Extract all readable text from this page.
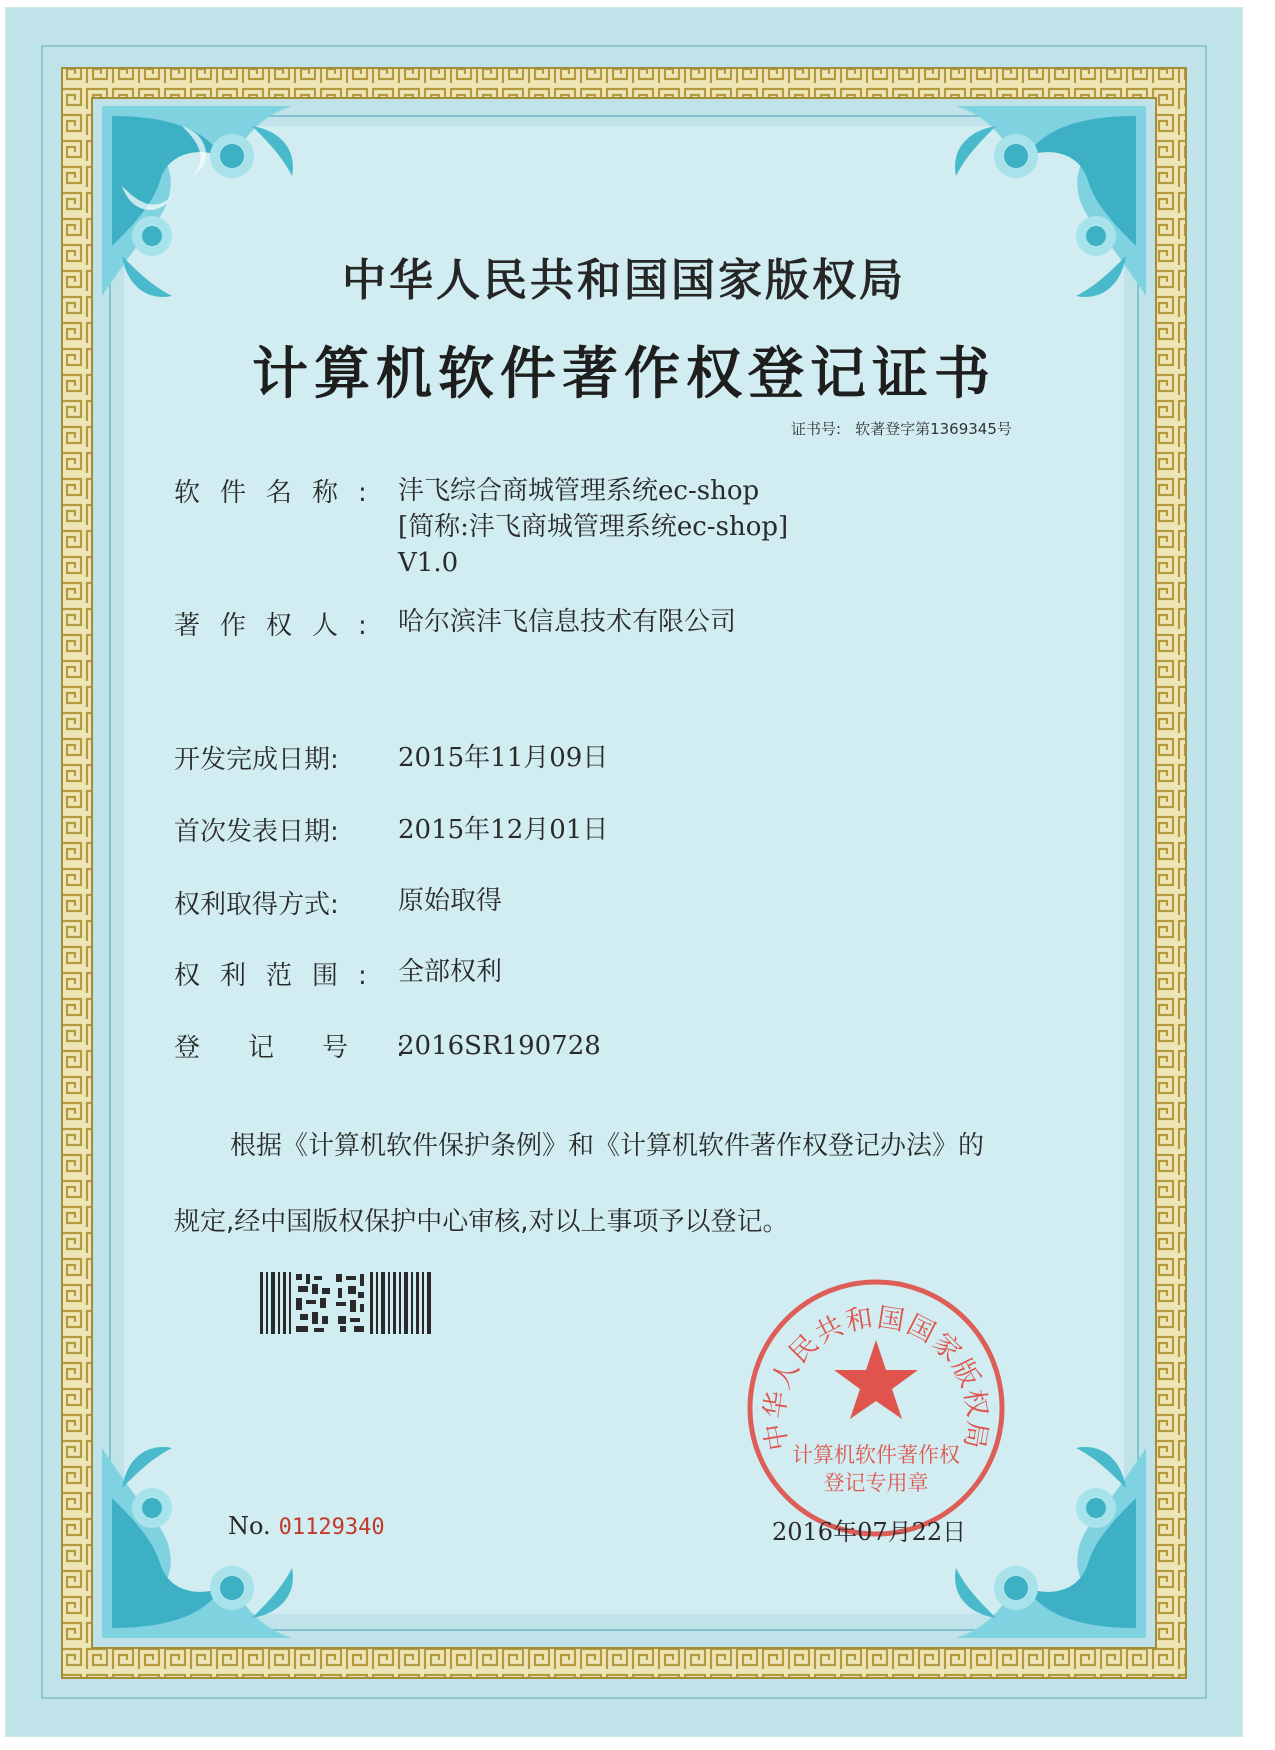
中华人民共和国国家版权局
计算机软件著作权登记证书
证书号: 软著登字第1369345号
软件名称: 沣飞综合商城管理系统ec-shop
[简称:沣飞商城管理系统ec-shop]
V1.0
著作权人: 哈尔滨沣飞信息技术有限公司
开发完成日期: 2015年11月09日
首次发表日期: 2015年12月01日
权利取得方式: 原始取得
权利范围: 全部权利
登记号:
2016SR190728
根据《计算机软件保护条例》和《计算机软件著作权登记办法》的
规定,经中国版权保护中心审核,对以上事项予以登记。
No. 01129340
中华人民共和国国家版权局
计算机软件著作权
登记专用章
2016年07月22日
